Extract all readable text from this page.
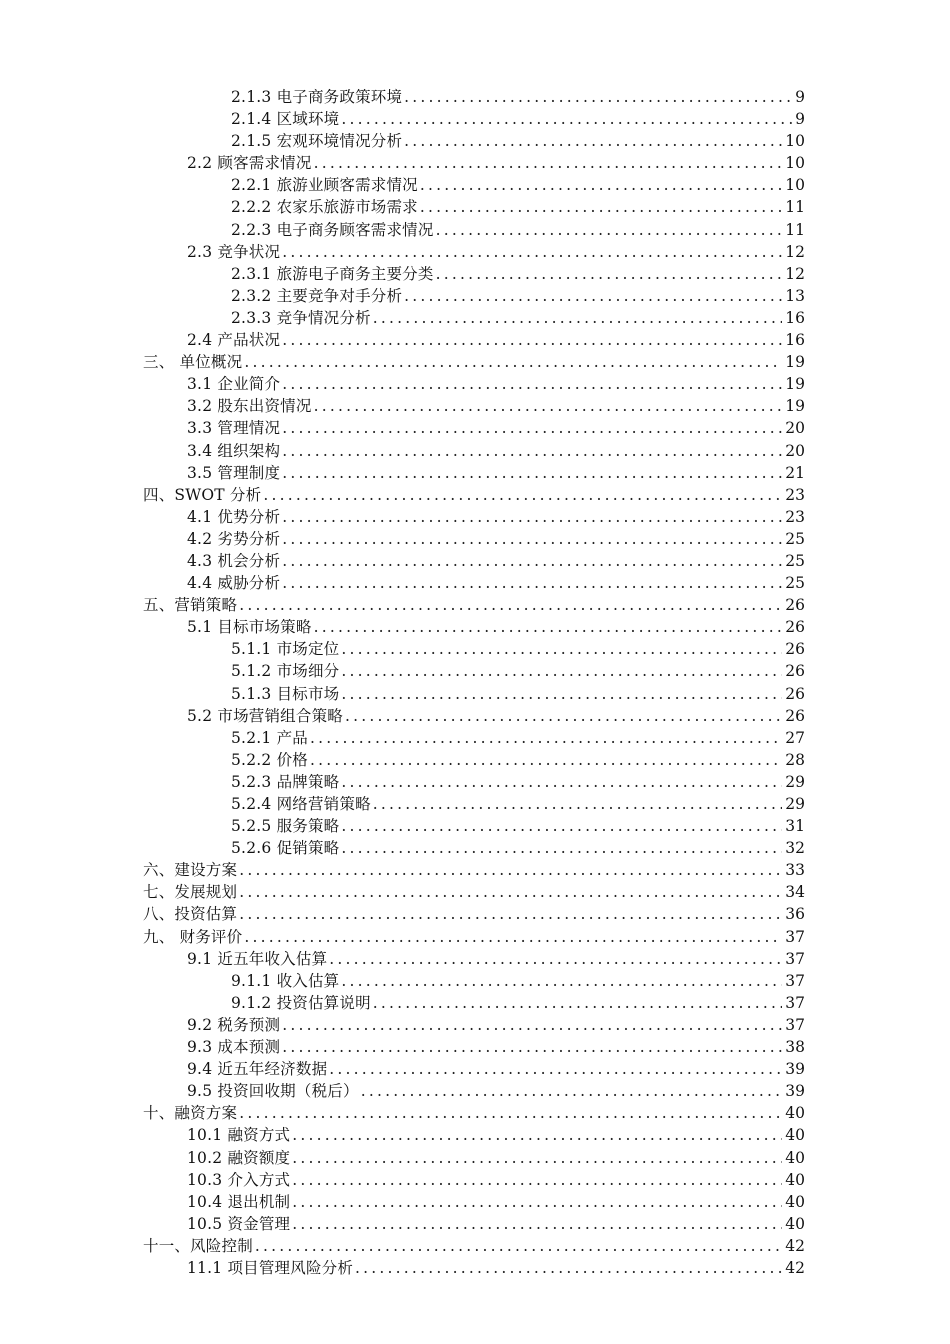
2.1.3 电子商务政策环境 .....	9
2.1.4 区域环境 .....	9
2.1.5 宏观环境情况分析 .....	10
2.2 顾客需求情况 .....	10
2.2.1 旅游业顾客需求情况 .....	10
2.2.2 农家乐旅游市场需求 .....	11
2.2.3 电子商务顾客需求情况 .....	11
2.3 竞争状况 .....	12
2.3.1 旅游电子商务主要分类 .....	12
2.3.2 主要竞争对手分析 .....	13
2.3.3 竞争情况分析 .....	16
2.4 产品状况 .....	16
三、 单位概况 .....	19
3.1 企业简介 .....	19
3.2 股东出资情况 .....	19
3.3 管理情况 .....	20
3.4 组织架构 .....	20
3.5 管理制度 .....	21
四、SWOT 分析 .....	23
4.1 优势分析 .....	23
4.2 劣势分析 .....	25
4.3 机会分析 .....	25
4.4 威胁分析 .....	25
五、营销策略 .....	26
5.1 目标市场策略 .....	26
5.1.1 市场定位 .....	26
5.1.2 市场细分 .....	26
5.1.3 目标市场 .....	26
5.2 市场营销组合策略 .....	26
5.2.1 产品 .....	27
5.2.2 价格 .....	28
5.2.3 品牌策略 .....	29
5.2.4 网络营销策略 .....	29
5.2.5 服务策略 .....	31
5.2.6 促销策略 .....	32
六、建设方案 .....	33
七、发展规划 .....	34
八、投资估算 .....	36
九、 财务评价 .....	37
9.1 近五年收入估算 .....	37
9.1.1 收入估算 .....	37
9.1.2 投资估算说明 .....	37
9.2 税务预测 .....	37
9.3 成本预测 .....	38
9.4 近五年经济数据 .....	39
9.5 投资回收期（税后） .....	39
十、融资方案 .....	40
10.1 融资方式 .....	40
10.2 融资额度 .....	40
10.3 介入方式 .....	40
10.4 退出机制 .....	40
10.5 资金管理 .....	40
十一、风险控制 .....	42
11.1 项目管理风险分析 .....	42
